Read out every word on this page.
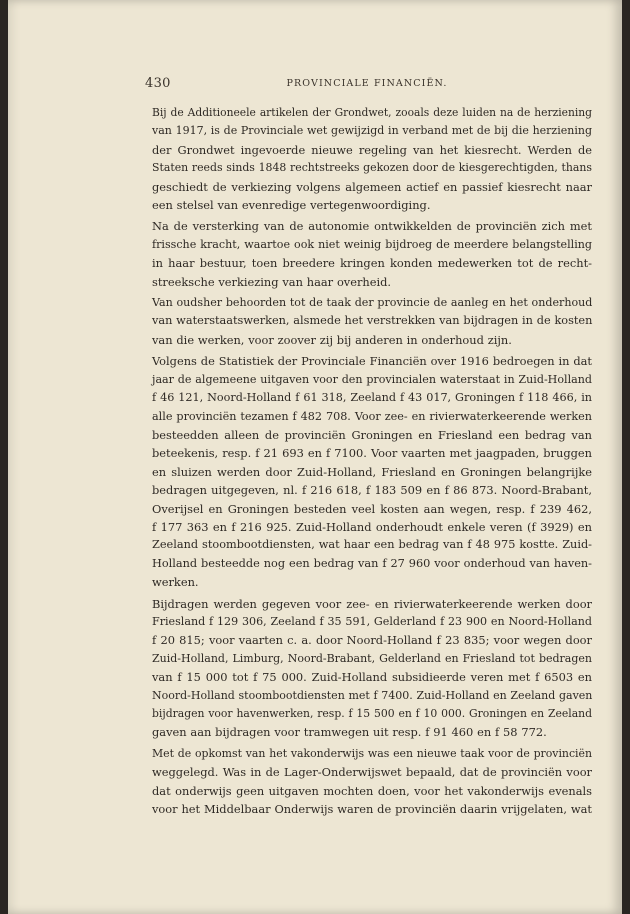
430	PROVINCIALE FINANCIËN.
Bij de Additioneele artikelen der Grondwet, zooals deze luiden na de herziening
van 1917, is de Provinciale wet gewijzigd in verband met de bij die herziening
der Grondwet ingevoerde nieuwe regeling van het kiesrecht. Werden de
Staten reeds sinds 1848 rechtstreeks gekozen door de kiesgerechtigden, thans
geschiedt de verkiezing volgens algemeen actief en passief kiesrecht naar
een stelsel van evenredige vertegenwoordiging.
Na de versterking van de autonomie ontwikkelden de provinciën zich met
frissche kracht, waartoe ook niet weinig bijdroeg de meerdere belangstelling
in haar bestuur, toen breedere kringen konden medewerken tot de recht-
streeksche verkiezing van haar overheid.
Van oudsher behoorden tot de taak der provincie de aanleg en het onderhoud
van waterstaatswerken, alsmede het verstrekken van bijdragen in de kosten
van die werken, voor zoover zij bij anderen in onderhoud zijn.
Volgens de Statistiek der Provinciale Financiën over 1916 bedroegen in dat
jaar de algemeene uitgaven voor den provincialen waterstaat in Zuid-Holland
f 46 121, Noord-Holland f 61 318, Zeeland f 43 017, Groningen f 118 466, in
alle provinciën tezamen f 482 708. Voor zee- en rivierwaterkeerende werken
besteedden alleen de provinciën Groningen en Friesland een bedrag van
beteekenis, resp. f 21 693 en f 7100. Voor vaarten met jaagpaden, bruggen
en sluizen werden door Zuid-Holland, Friesland en Groningen belangrijke
bedragen uitgegeven, nl. f 216 618, f 183 509 en f 86 873. Noord-Brabant,
Overijsel en Groningen besteden veel kosten aan wegen, resp. f 239 462,
f 177 363 en f 216 925. Zuid-Holland onderhoudt enkele veren (f 3929) en
Zeeland stoombootdiensten, wat haar een bedrag van f 48 975 kostte. Zuid-
Holland besteedde nog een bedrag van f 27 960 voor onderhoud van haven-
werken.
Bijdragen werden gegeven voor zee- en rivierwaterkeerende werken door
Friesland f 129 306, Zeeland f 35 591, Gelderland f 23 900 en Noord-Holland
f 20 815; voor vaarten c. a. door Noord-Holland f 23 835; voor wegen door
Zuid-Holland, Limburg, Noord-Brabant, Gelderland en Friesland tot bedragen
van f 15 000 tot f 75 000. Zuid-Holland subsidieerde veren met f 6503 en
Noord-Holland stoombootdiensten met f 7400. Zuid-Holland en Zeeland gaven
bijdragen voor havenwerken, resp. f 15 500 en f 10 000. Groningen en Zeeland
gaven aan bijdragen voor tramwegen uit resp. f 91 460 en f 58 772.
Met de opkomst van het vakonderwijs was een nieuwe taak voor de provinciën
weggelegd. Was in de Lager-Onderwijswet bepaald, dat de provinciën voor
dat onderwijs geen uitgaven mochten doen, voor het vakonderwijs evenals
voor het Middelbaar Onderwijs waren de provinciën daarin vrijgelaten, wat
